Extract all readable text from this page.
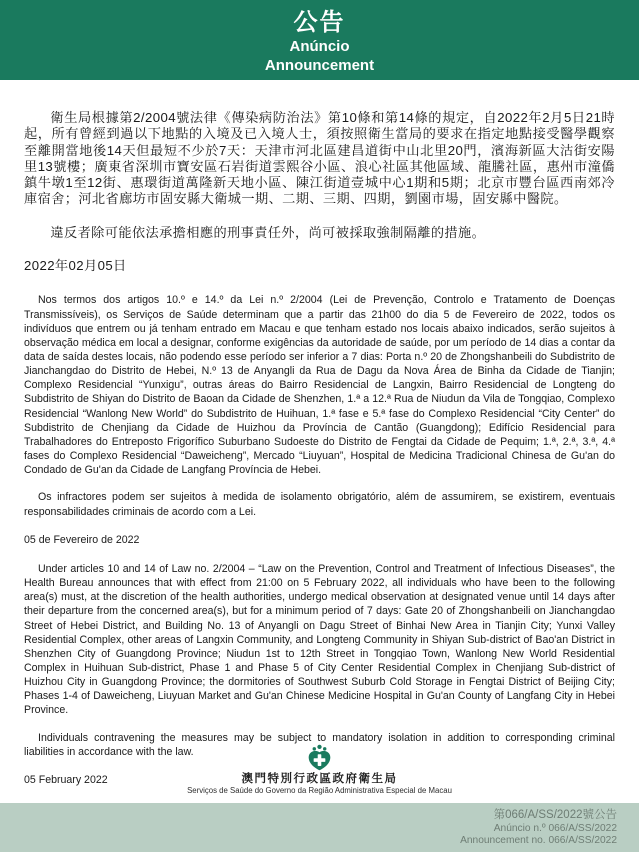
公告
Anúncio
Announcement

衛生局根據第2/2004號法律《傳染病防治法》第10條和第14條的規定，自2022年2月5日21時起，所有曾經到過以下地點的入境及已入境人士，須按照衛生當局的要求在指定地點接受醫學觀察至離開當地後14天但最短不少於7天：天津市河北區建昌道街中山北里20門，濱海新區大沽街安陽里13號樓；廣東省深圳市寶安區石岩街道雲熙谷小區、浪心社區其他區域、龍騰社區，惠州市潼僑鎮牛墩1至12街、惠環街道萬隆新天地小區、陳江街道壹城中心1期和5期；北京市豐台區西南郊冷庫宿舍；河北省廊坊市固安縣大衛城一期、二期、三期、四期，劉園市場，固安縣中醫院。

違反者除可能依法承擔相應的刑事責任外，尚可被採取強制隔離的措施。

2022年02月05日

Nos termos dos artigos 10.º e 14.º da Lei n.º 2/2004 (Lei de Prevenção, Controlo e Tratamento de Doenças Transmissíveis), os Serviços de Saúde determinam que a partir das 21h00 do dia 5 de Fevereiro de 2022, todos os indivíduos que entrem ou já tenham entrado em Macau e que tenham estado nos locais abaixo indicados, serão sujeitos à observação médica em local a designar, conforme exigências da autoridade de saúde, por um período de 14 dias a contar da data de saída destes locais, não podendo esse período ser inferior a 7 dias: Porta n.º 20 de Zhongshanbeili do Subdistrito de Jianchangdao do Distrito de Hebei, N.º 13 de Anyangli da Rua de Dagu da Nova Área de Binha da Cidade de Tianjin; Complexo Residencial “Yunxigu”, outras áreas do Bairro Residencial de Langxin, Bairro Residencial de Longteng do Subdistrito de Shiyan do Distrito de Baoan da Cidade de Shenzhen, 1.ª a 12.ª Rua de Niudun da Vila de Tongqiao, Complexo Residencial “Wanlong New World” do Subdistrito de Huihuan, 1.ª fase e 5.ª fase do Complexo Residencial “City Center” do Subdistrito de Chenjiang da Cidade de Huizhou da Província de Cantão (Guangdong); Edifício Residencial para Trabalhadores do Entreposto Frigorífico Suburbano Sudoeste do Distrito de Fengtai da Cidade de Pequim; 1.ª, 2.ª, 3.ª, 4.ª fases do Complexo Residencial “Daweicheng”, Mercado “Liuyuan”, Hospital de Medicina Tradicional Chinesa de Gu'an do Condado de Gu'an da Cidade de Langfang Província de Hebei.

Os infractores podem ser sujeitos à medida de isolamento obrigatório, além de assumirem, se existirem, eventuais responsabilidades criminais de acordo com a Lei.

05 de Fevereiro de 2022

Under articles 10 and 14 of Law no. 2/2004 – “Law on the Prevention, Control and Treatment of Infectious Diseases”, the Health Bureau announces that with effect from 21:00 on 5 February 2022, all individuals who have been to the following area(s) must, at the discretion of the health authorities, undergo medical observation at designated venue until 14 days after their departure from the concerned area(s), but for a minimum period of 7 days: Gate 20 of Zhongshanbeili on Jianchangdao Street of Hebei District, and Building No. 13 of Anyangli on Dagu Street of Binhai New Area in Tianjin City; Yunxi Valley Residential Complex, other areas of Langxin Community, and Longteng Community in Shiyan Sub-district of Bao'an District in Shenzhen City of Guangdong Province; Niudun 1st to 12th Street in Tongqiao Town, Wanlong New World Residential Complex in Huihuan Sub-district, Phase 1 and Phase 5 of City Center Residential Complex in Chenjiang Sub-district of Huizhou City in Guangdong Province; the dormitories of Southwest Suburb Cold Storage in Fengtai District of Beijing City; Phases 1-4 of Daweicheng, Liuyuan Market and Gu'an Chinese Medicine Hospital in Gu'an County of Langfang City in Hebei Province.

Individuals contravening the measures may be subject to mandatory isolation in addition to corresponding criminal liabilities in accordance with the law.

05 February 2022	澳門特別行政區政府衛生局
Serviços de Saúde do Governo da Região Administrativa Especial de Macau
第066/A/SS/2022號公告
Anúncio n.º 066/A/SS/2022
Announcement no. 066/A/SS/2022
